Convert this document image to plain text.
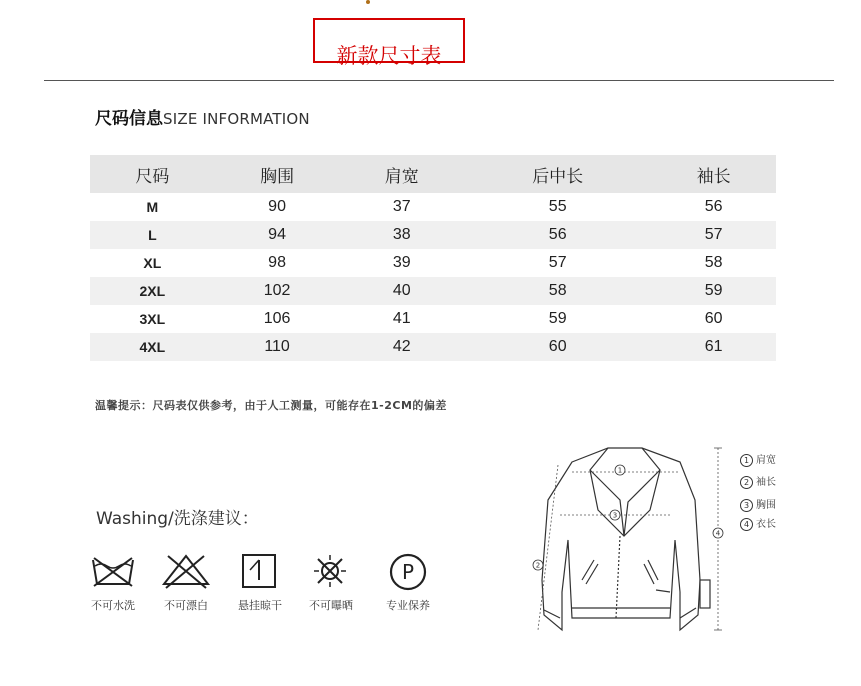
新款尺寸表
尺码信息SIZE INFORMATION
尺码	胸围	肩宽	后中长	袖长
M	90	37	55	56
L	94	38	56	57
XL	98	39	57	58
2XL	102	40	58	59
3XL	106	41	59	60
4XL	110	42	60	61
温馨提示：尺码表仅供参考，由于人工测量，可能存在1-2CM的偏差
Washing/洗涤建议：
P
不可水洗	不可漂白	悬挂晾干	不可曝晒	专业保养
1
2
3
4
1 肩宽
2 袖长
3 胸围
4 衣长
